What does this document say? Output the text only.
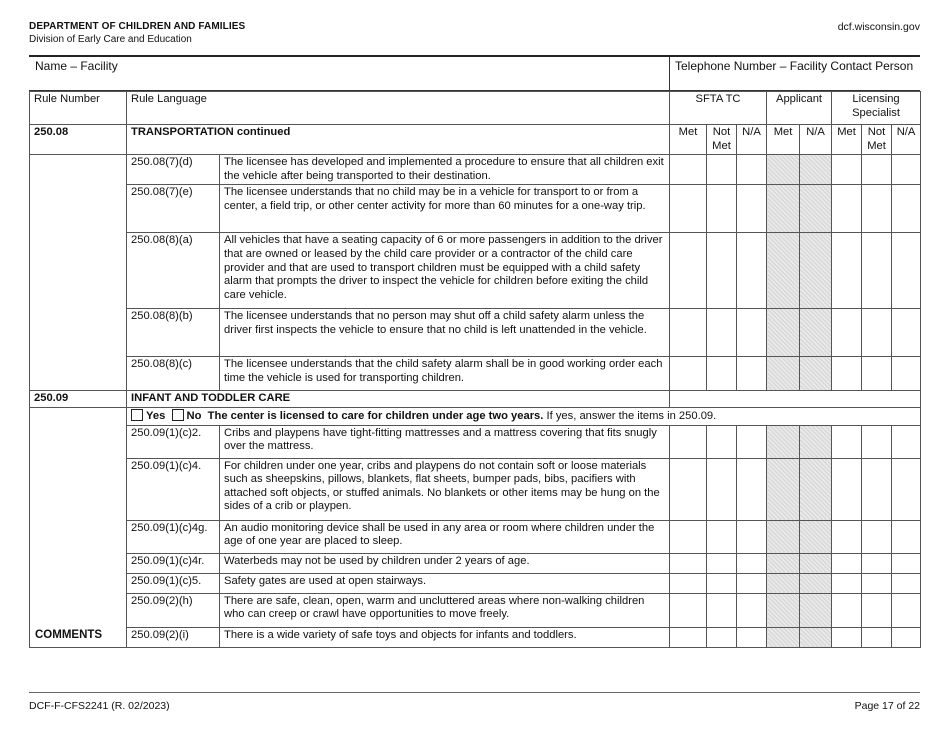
DEPARTMENT OF CHILDREN AND FAMILIES
Division of Early Care and Education
dcf.wisconsin.gov
Name – Facility	Telephone Number – Facility Contact Person
Rule Number	Rule Language		SFTA TC			Applicant		Licensing Specialist		
250.08	TRANSPORTATION continued		Met	Not Met	N/A	Met	N/A	Met	Not Met	N/A
	250.08(7)(d)	The licensee has developed and implemented a procedure to ensure that all children exit the vehicle after being transported to their destination.								
	250.08(7)(e)	The licensee understands that no child may be in a vehicle for transport to or from a center, a field trip, or other center activity for more than 60 minutes for a one-way trip.								
	250.08(8)(a)	All vehicles that have a seating capacity of 6 or more passengers in addition to the driver that are owned or leased by the child care provider or a contractor of the child care provider and that are used to transport children must be equipped with a child safety alarm that prompts the driver to inspect the vehicle for children before exiting the child care vehicle.								
	250.08(8)(b)	The licensee understands that no person may shut off a child safety alarm unless the driver first inspects the vehicle to ensure that no child is left unattended in the vehicle.								
	250.08(8)(c)	The licensee understands that the child safety alarm shall be in good working order each time the vehicle is used for transporting children.								
250.09	INFANT AND TODDLER CARE									
	Yes No The center is licensed to care for children under age two years. If yes, answer the items in 250.09.									
	250.09(1)(c)2.	Cribs and playpens have tight-fitting mattresses and a mattress covering that fits snugly over the mattress.								
	250.09(1)(c)4.	For children under one year, cribs and playpens do not contain soft or loose materials such as sheepskins, pillows, blankets, flat sheets, bumper pads, bibs, pacifiers with attached soft objects, or stuffed animals. No blankets or other items may be hung on the sides of a crib or playpen.								
	250.09(1)(c)4g.	An audio monitoring device shall be used in any area or room where children under the age of one year are placed to sleep.								
	250.09(1)(c)4r.	Waterbeds may not be used by children under 2 years of age.								
	250.09(1)(c)5.	Safety gates are used at open stairways.								
	250.09(2)(h)	There are safe, clean, open, warm and uncluttered areas where non-walking children who can creep or crawl have opportunities to move freely.								
	250.09(2)(i)	There is a wide variety of safe toys and objects for infants and toddlers.								
COMMENTS
DCF-F-CFS2241 (R. 02/2023)	Page 17 of 22
